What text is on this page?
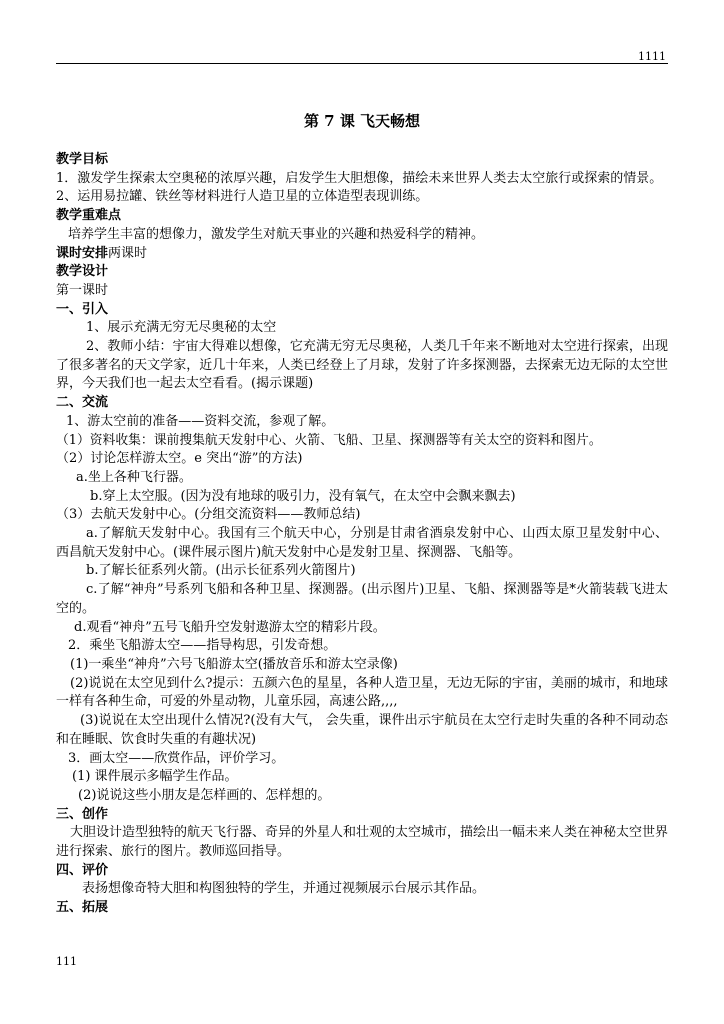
1111
第 7 课 飞天畅想
教学目标
1．激发学生探索太空奥秘的浓厚兴趣，启发学生大胆想像，描绘未来世界人类去太空旅行或探索的情景。
2、运用易拉罐、铁丝等材料进行人造卫星的立体造型表现训练。
教学重难点
培养学生丰富的想像力，激发学生对航天事业的兴趣和热爱科学的精神。
课时安排两课时
教学设计
第一课时
一、引入
1、展示充满无穷无尽奥秘的太空
2、教师小结：宇宙大得难以想像，它充满无穷无尽奥秘，人类几千年来不断地对太空进行探索，出现了很多著名的天文学家，近几十年来，人类已经登上了月球，发射了许多探测器，去探索无边无际的太空世界，今天我们也一起去太空看看。(揭示课题)
二、交流
1、游太空前的准备——资料交流，参观了解。
（1）资料收集：课前搜集航天发射中心、火箭、飞船、卫星、探测器等有关太空的资料和图片。
（2）讨论怎样游太空。e 突出“游”的方法)
a.坐上各种飞行器。
b.穿上太空服。(因为没有地球的吸引力，没有氧气，在太空中会飘来飘去)
（3）去航天发射中心。(分组交流资料——教师总结)
a.了解航天发射中心。我国有三个航天中心，分别是甘肃省酒泉发射中心、山西太原卫星发射中心、西昌航天发射中心。(课件展示图片)航天发射中心是发射卫星、探测器、飞船等。
b.了解长征系列火箭。(出示长征系列火箭图片)
c.了解“神舟”号系列飞船和各种卫星、探测器。(出示图片)卫星、飞船、探测器等是*火箭装载飞进太空的。
d.观看“神舟”五号飞船升空发射遨游太空的精彩片段。
2．乘坐飞船游太空——指导构思，引发奇想。
(1)一乘坐“神舟”六号飞船游太空(播放音乐和游太空录像)
(2)说说在太空见到什么?提示：五颜六色的星星，各种人造卫星，无边无际的宇宙，美丽的城市，和地球一样有各种生命，可爱的外星动物，儿童乐园，高速公路,,,,
(3)说说在太空出现什么情况?(没有大气， 会失重，课件出示宇航员在太空行走时失重的各种不同动态和在睡眠、饮食时失重的有趣状况)
3．画太空——欣赏作品，评价学习。
(1) 课件展示多幅学生作品。
(2)说说这些小朋友是怎样画的、怎样想的。
三、创作
大胆设计造型独特的航天飞行器、奇异的外星人和壮观的太空城市，描绘出一幅未来人类在神秘太空世界进行探索、旅行的图片。教师巡回指导。
四、评价
表扬想像奇特大胆和构图独特的学生，并通过视频展示台展示其作品。
五、拓展
111
